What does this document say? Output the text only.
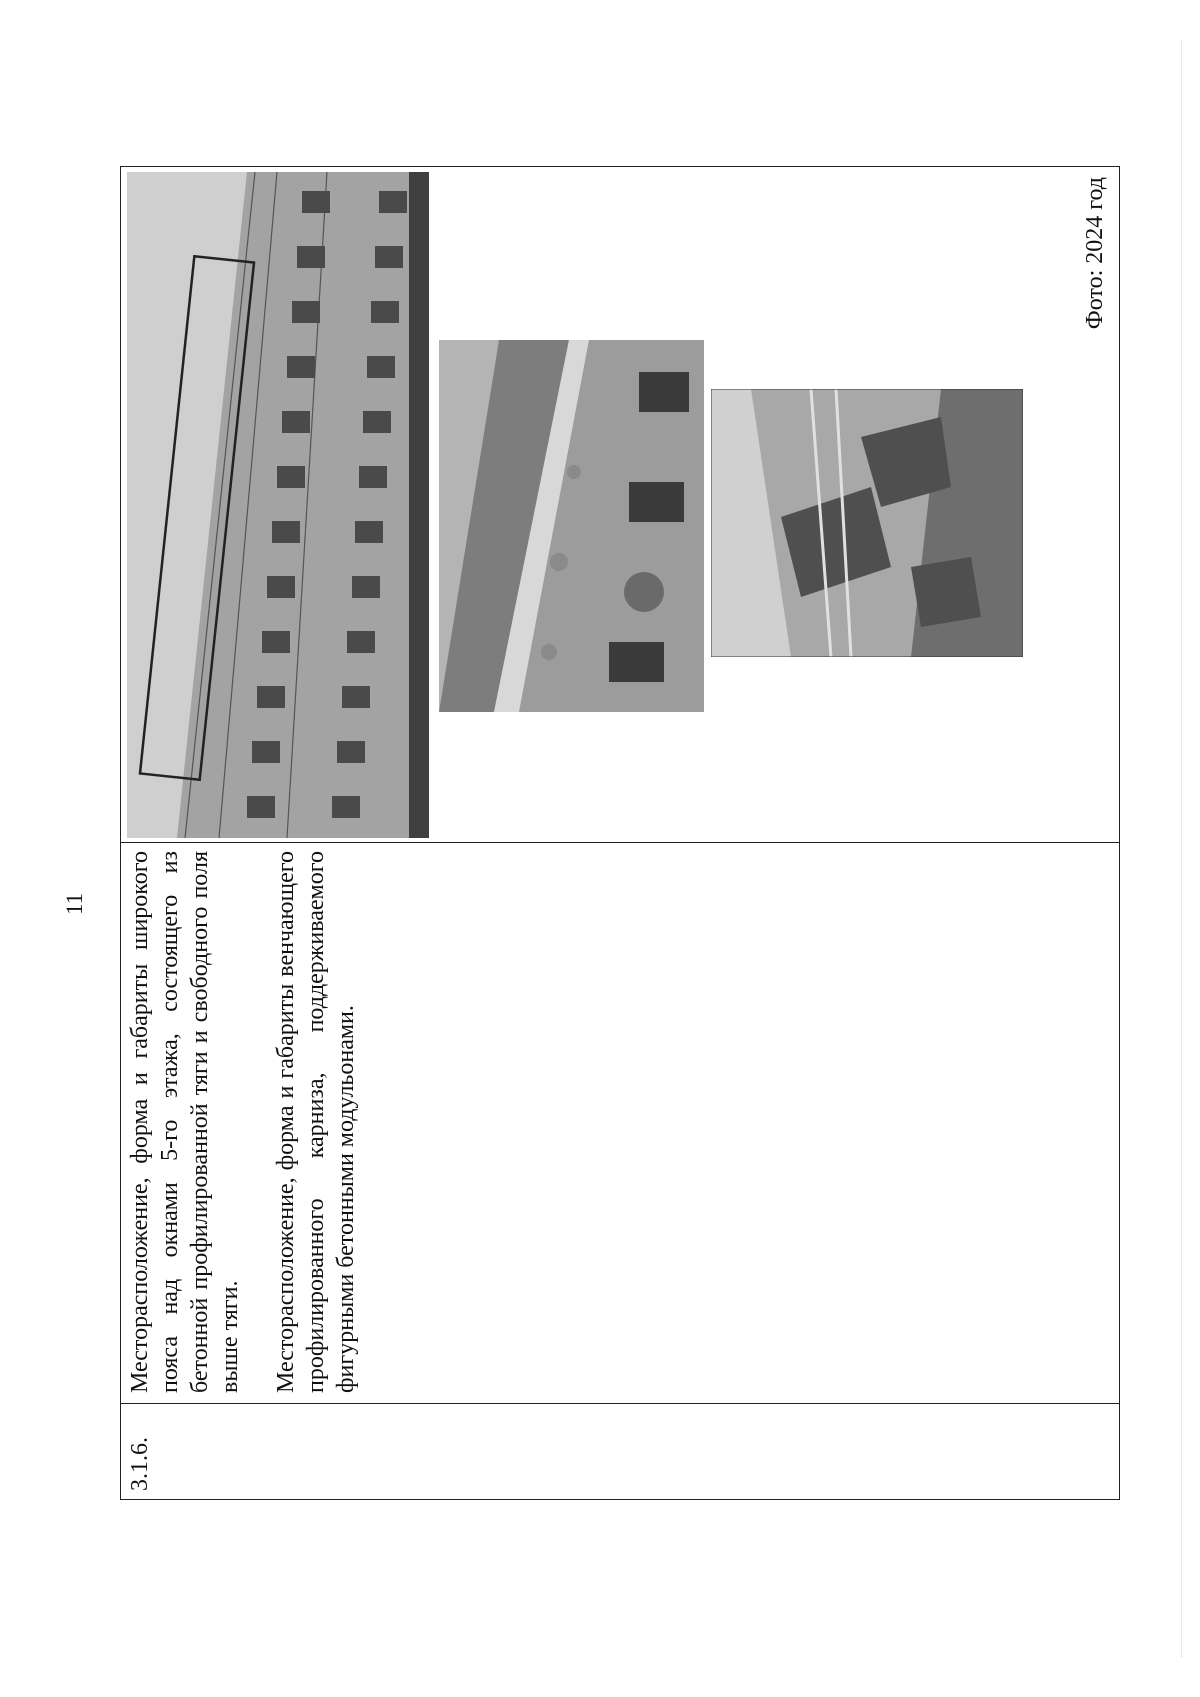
11
3.1.6.

Месторасположение, форма и габариты широкого пояса над окнами 5-го этажа, состоящего из бетонной профилированной тяги и свободного поля выше тяги. Месторасположение, форма и габариты венчающего профилированного карниза, поддерживаемого фигурными бетонными модульонами.

Фото: 2024 год
